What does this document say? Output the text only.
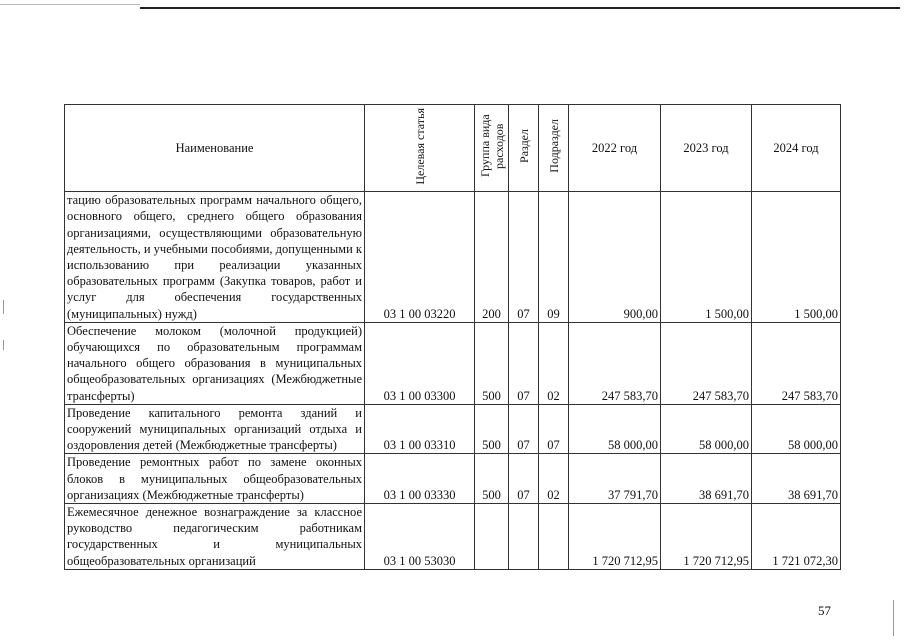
Наименование	Целевая статья	Группа вида расходов	Раздел	Подраздел	2022 год	2023 год	2024 год
тацию образовательных программ начального общего, основного общего, среднего общего образования организациями, осуществляющими образовательную деятельность, и учебными пособиями, допущенными к использованию при реализации указанных образовательных программ (Закупка товаров, работ и услуг для обеспечения государственных (муниципальных) нужд)	03 1 00 03220	200	07	09	900,00	1 500,00	1 500,00
Обеспечение молоком (молочной продукцией) обучающихся по образовательным программам начального общего образования в муниципальных общеобразовательных организациях (Межбюджетные трансферты)	03 1 00 03300	500	07	02	247 583,70	247 583,70	247 583,70
Проведение капитального ремонта зданий и сооружений муниципальных организаций отдыха и оздоровления детей (Межбюджетные трансферты)	03 1 00 03310	500	07	07	58 000,00	58 000,00	58 000,00
Проведение ремонтных работ по замене оконных блоков в муниципальных общеобразовательных организациях (Межбюджетные трансферты)	03 1 00 03330	500	07	02	37 791,70	38 691,70	38 691,70
Ежемесячное денежное вознаграждение за классное руководство педагогическим работникам государственных и муниципальных общеобразовательных организаций	03 1 00 53030				1 720 712,95	1 720 712,95	1 721 072,30
57
